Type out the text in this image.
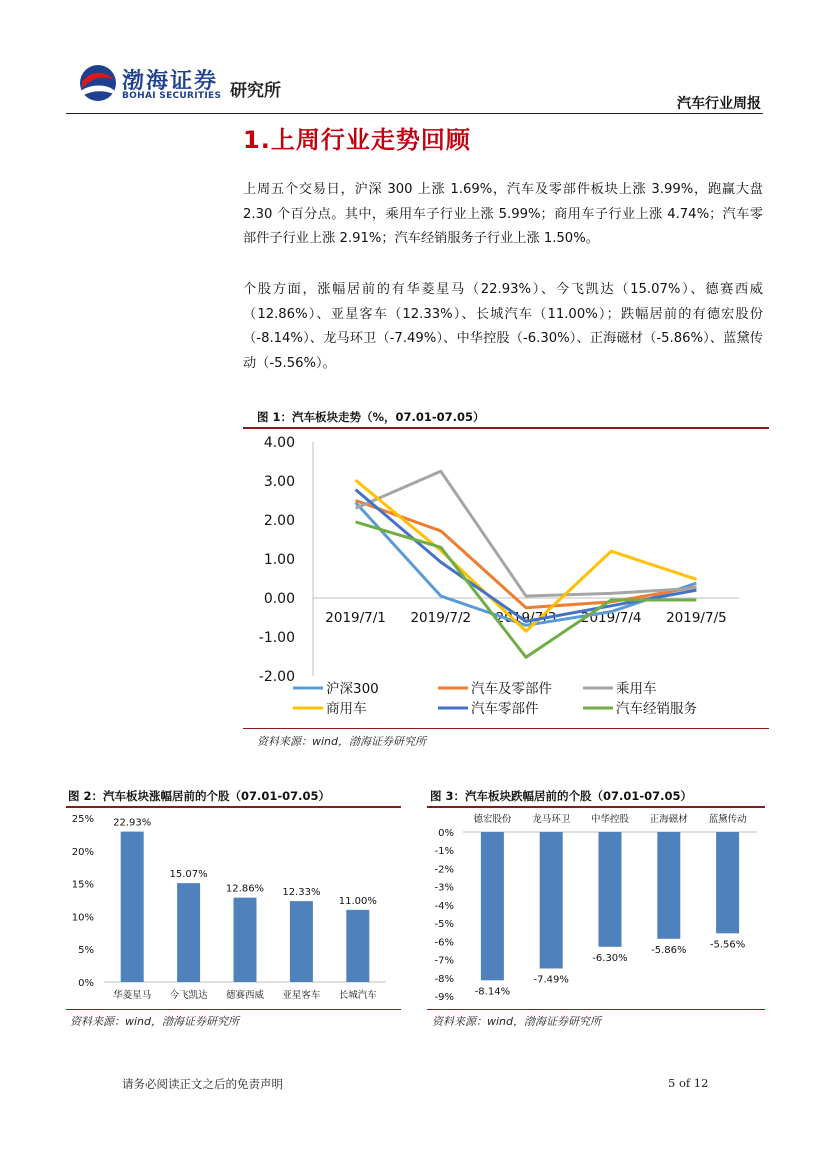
渤海证券
BOHAI SECURITIES 研究所
汽车行业周报
1.上周行业走势回顾

上周五个交易日，沪深 300 上涨 1.69%，汽车及零部件板块上涨 3.99%，跑赢大盘 2.30 个百分点。其中，乘用车子行业上涨 5.99%；商用车子行业上涨 4.74%；汽车零部件子行业上涨 2.91%；汽车经销服务子行业上涨 1.50%。

个股方面，涨幅居前的有华菱星马（22.93%）、今飞凯达（15.07%）、德赛西威（12.86%）、亚星客车（12.33%）、长城汽车（11.00%）；跌幅居前的有德宏股份（-8.14%）、龙马环卫（-7.49%）、中华控股（-6.30%）、正海磁材（-5.86%）、蓝黛传动（-5.56%）。

图 1：汽车板块走势（%，07.01-07.05）
-2.00
-1.00
0.00
1.00
2.00
3.00
4.00
2019/7/1 2019/7/2 2019/7/3 2019/7/4 2019/7/5
沪深300	汽车及零部件	乘用车
商用车	汽车零部件	汽车经销服务
资料来源：wind，渤海证券研究所
图 2：汽车板块涨幅居前的个股（07.01-07.05）
0%
5%
10%
15%
20%
25% 22.93%
华菱星马
15.07%
今飞凯达
12.86%
德赛西威
12.33%
亚星客车
11.00%
长城汽车
资料来源：wind，渤海证券研究所
图 3：汽车板块跌幅居前的个股（07.01-07.05）
0%
-1%
-2%
-3%
-4%
-5%
-6%
-7%
-8%
-9%
-8.14%
德宏股份
-7.49%
龙马环卫
-6.30%
中华控股
-5.86%
正海磁材
-5.56%
蓝黛传动
资料来源：wind，渤海证券研究所
请务必阅读正文之后的免责声明	5 of 12
